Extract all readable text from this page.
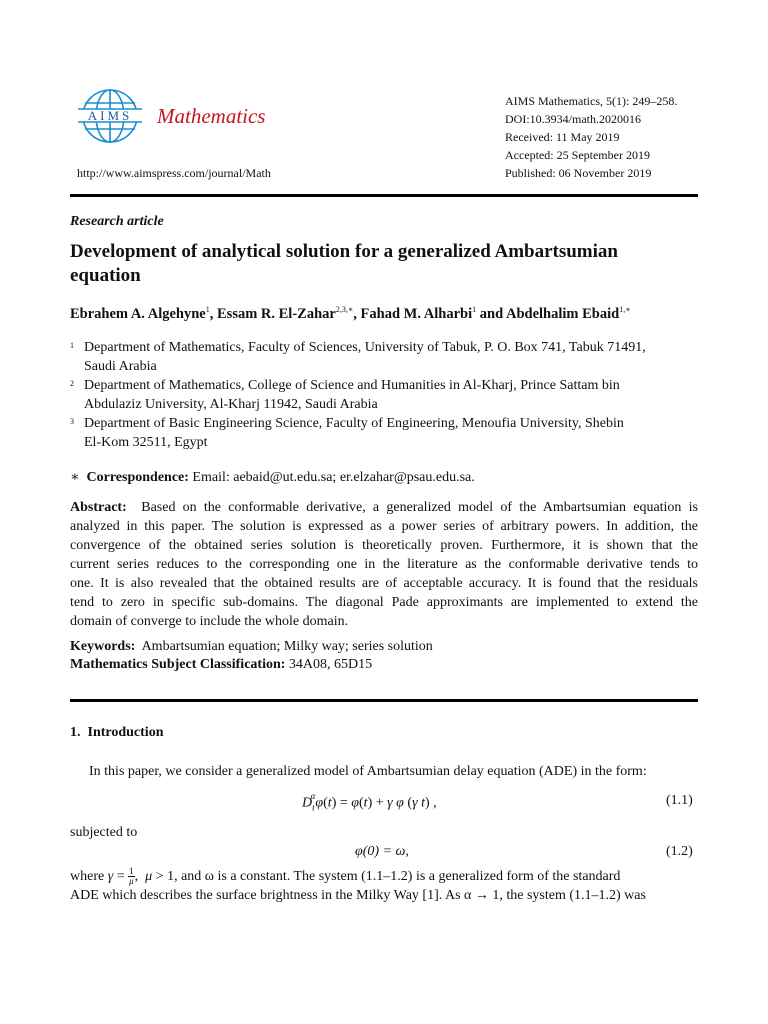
AIMS	Mathematics
http://www.aimspress.com/journal/Math
AIMS Mathematics, 5(1): 249–258.
DOI:10.3934/math.2020016
Received: 11 May 2019
Accepted: 25 September 2019
Published: 06 November 2019
Research article
Development of analytical solution for a generalized Ambartsumian
equation
Ebrahem A. Algehyne$^1$, Essam R. El-Zahar$^{2,3,∗}$, Fahad M. Alharbi$^1$ and Abdelhalim Ebaid$^{1,∗}$
1 Department of Mathematics, Faculty of Sciences, University of Tabuk, P. O. Box 741, Tabuk 71491,
Saudi Arabia
2 Department of Mathematics, College of Science and Humanities in Al-Kharj, Prince Sattam bin
Abdulaziz University, Al-Kharj 11942, Saudi Arabia
3 Department of Basic Engineering Science, Faculty of Engineering, Menoufia University, Shebin
El-Kom 32511, Egypt
∗ Correspondence: Email: aebaid@ut.edu.sa; er.elzahar@psau.edu.sa.
Abstract: Based on the conformable derivative, a generalized model of the Ambartsumian equation is
analyzed in this paper. The solution is expressed as a power series of arbitrary powers. In addition, the
convergence of the obtained series solution is theoretically proven. Furthermore, it is shown that the
current series reduces to the corresponding one in the literature as the conformable derivative tends to
one. It is also revealed that the obtained results are of acceptable accuracy. It is found that the residuals
tend to zero in specific sub-domains. The diagonal Pade approximants are implemented to extend the
domain of converge to include the whole domain.
Keywords: Ambartsumian equation; Milky way; series solution
Mathematics Subject Classification: 34A08, 65D15
1.  Introduction
In this paper, we consider a generalized model of Ambartsumian delay equation (ADE) in the form:
$D_t^\alpha\varphi(t) = \varphi(t) + \gamma$ φ (γ t) ,	(1.1)
subjected to
φ(0) = ω,	(1.2)
where $\gamma = \frac{1}{\mu}$ ,  μ > 1, and ω is a constant. The system (1.1–1.2) is a generalized form of the standard
ADE which describes the surface brightness in the Milky Way [1]. As α → 1, the system (1.1–1.2) was
